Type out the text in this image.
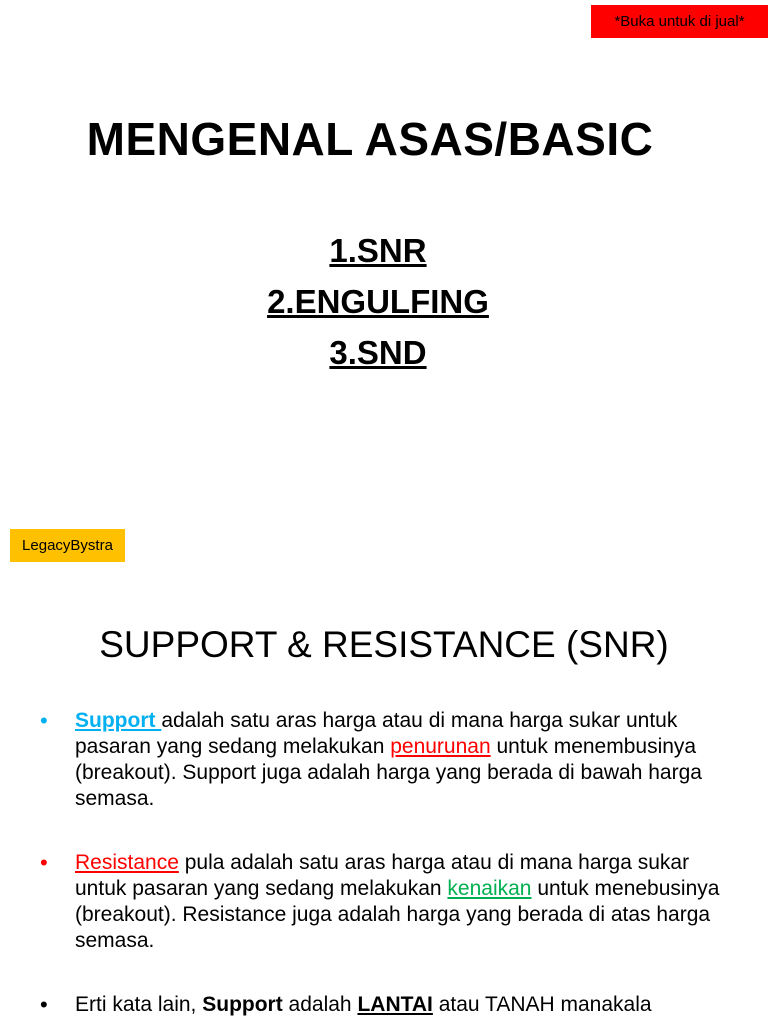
*Buka untuk di jual*
MENGENAL ASAS/BASIC
1.SNR
2.ENGULFING
3.SND
LegacyBystra
SUPPORT & RESISTANCE (SNR)
• Support adalah satu aras harga atau di mana harga sukar untuk pasaran yang sedang melakukan penurunan untuk menembusinya (breakout). Support juga adalah harga yang berada di bawah harga semasa.
• Resistance pula adalah satu aras harga atau di mana harga sukar untuk pasaran yang sedang melakukan kenaikan untuk menebusinya (breakout). Resistance juga adalah harga yang berada di atas harga semasa.
• Erti kata lain, Support adalah LANTAI atau TANAH manakala
